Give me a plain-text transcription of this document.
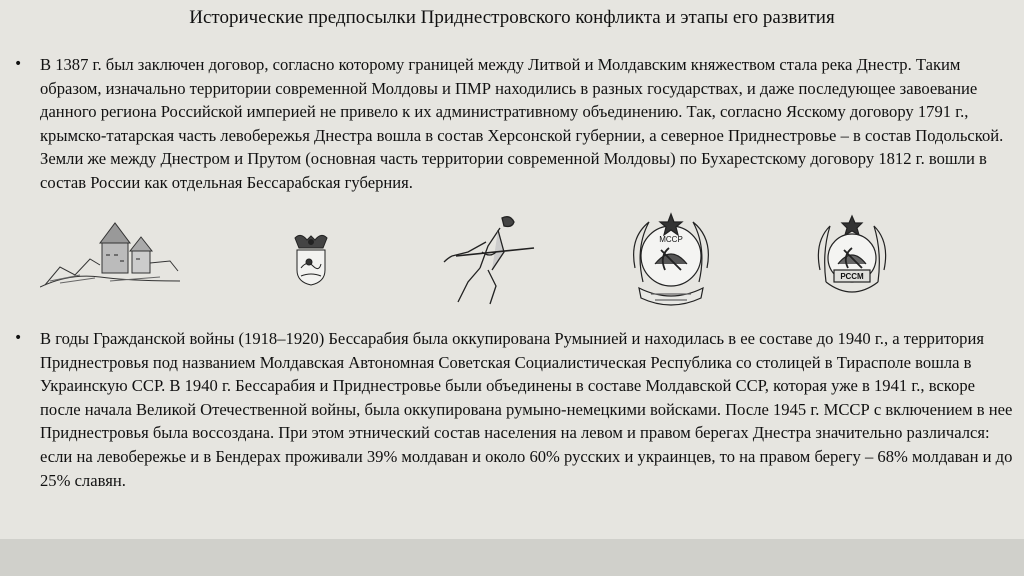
Исторические предпосылки Приднестровского конфликта и этапы его развития
•	В 1387 г. был заключен договор, согласно которому границей между Литвой и Молдавским княжеством стала река Днестр. Таким образом, изначально территории современной Молдовы и ПМР находились в разных государствах, и даже последующее завоевание данного региона Российской империей не привело к их административному объединению. Так, согласно Ясскому договору 1791 г., крымско-татарская часть левобережья Днестра вошла в состав Херсонской губернии, а северное Приднестровье – в состав Подольской. Земли же между Днестром и Прутом (основная часть территории современной Молдовы) по Бухарестскому договору 1812 г. вошли в состав России как отдельная Бессарабская губерния.
МССР
РССМ
•	В годы Гражданской войны (1918–1920) Бессарабия была оккупирована Румынией и находилась в ее составе до 1940 г., а территория Приднестровья под названием Молдавская Автономная Советская Социалистическая Республика со столицей в Тирасполе вошла в Украинскую ССР. В 1940 г. Бессарабия и Приднестровье были объединены в составе Молдавской ССР, которая уже в 1941 г., вскоре после начала Великой Отечественной войны, была оккупирована румыно-немецкими войсками. После 1945 г. МССР с включением в нее Приднестровья была воссоздана. При этом этнический состав населения на левом и правом берегах Днестра значительно различался: если на левобережье и в Бендерах проживали 39% молдаван и около 60% русских и украинцев, то на правом берегу – 68% молдаван и до 25% славян.
